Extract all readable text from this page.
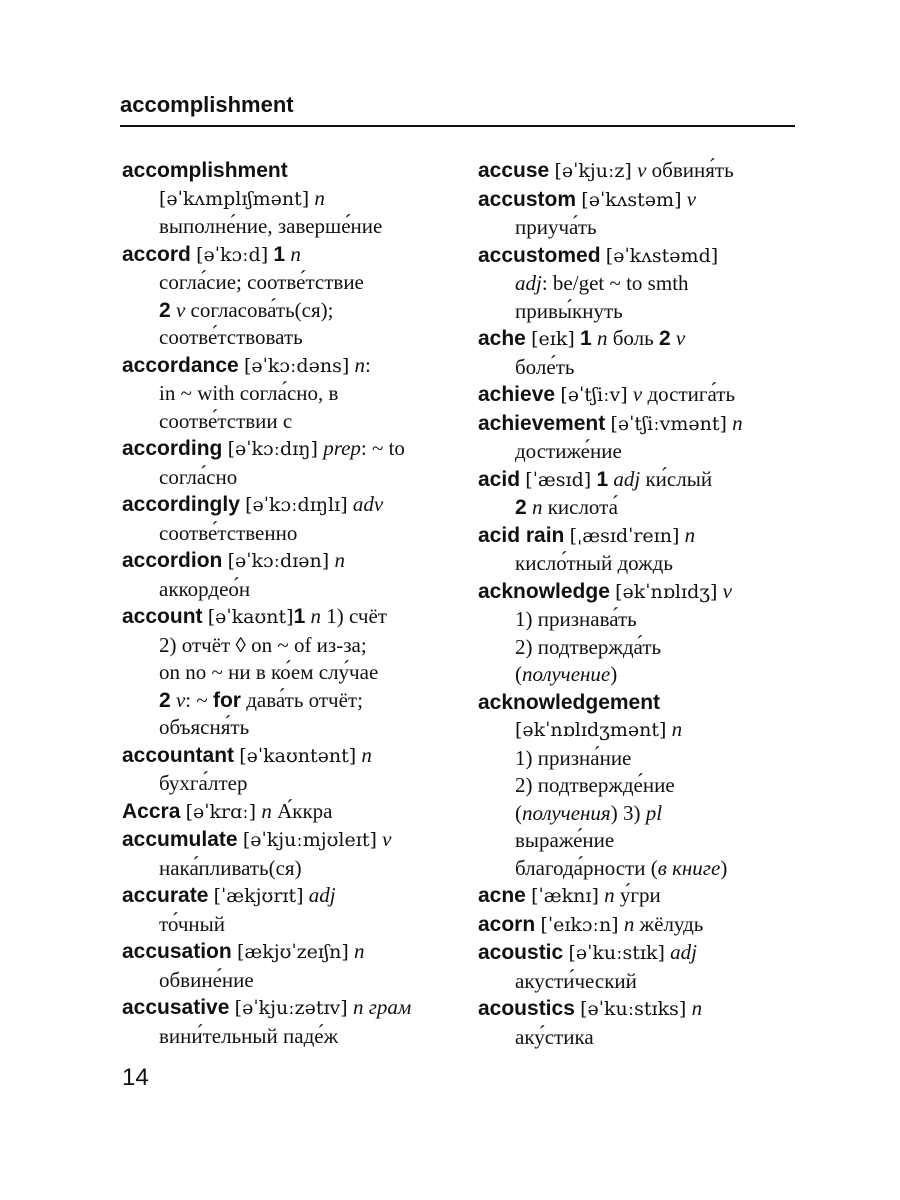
accomplishment
accomplishment
[əˈkʌmplɪʃmənt] n
выполне́ние, заверше́ние
accord [əˈkɔːd] 1 n
согла́сие; соотве́тствие
2 v согласова́ть(ся);
соотве́тствовать
accordance [əˈkɔːdəns] n:
in ~ with согла́сно, в
соотве́тствии с
according [əˈkɔːdɪŋ] prep: ~ to
согла́сно
accordingly [əˈkɔːdɪŋlɪ] adv
соотве́тственно
accordion [əˈkɔːdɪən] n
аккордео́н
account [əˈkaʊnt]1 n 1) счёт
2) отчёт ◊ on ~ of из-за;
on no ~ ни в ко́ем слу́чае
2 v: ~ for дава́ть отчёт;
объясня́ть
accountant [əˈkaʊntənt] n
бухга́лтер
Accra [əˈkrɑː] n А́ккра
accumulate [əˈkjuːmjʊleɪt] v
нака́пливать(ся)
accurate [ˈækjʊrɪt] adj
то́чный
accusation [ækjʊˈzeɪʃn] n
обвине́ние
accusative [əˈkjuːzətɪv] n грам
вини́тельный паде́ж
accuse [əˈkjuːz] v обвиня́ть
accustom [əˈkʌstəm] v
приуча́ть
accustomed [əˈkʌstəmd]
adj: be/get ~ to smth
привы́кнуть
ache [eɪk] 1 n боль 2 v
боле́ть
achieve [əˈtʃiːv] v достига́ть
achievement [əˈtʃiːvmənt] n
достиже́ние
acid [ˈæsɪd] 1 adj ки́слый
2 n кислота́
acid rain [ˌæsɪdˈreɪn] n
кисло́тный дождь
acknowledge [əkˈnɒlɪdʒ] v
1) признава́ть
2) подтвержда́ть
(получение)
acknowledgement
[əkˈnɒlɪdʒmənt] n
1) призна́ние
2) подтвержде́ние
(получения) 3) pl
выраже́ние
благода́рности (в книге)
acne [ˈæknɪ] n у́гри
acorn [ˈeɪkɔːn] n жёлудь
acoustic [əˈkuːstɪk] adj
акусти́ческий
acoustics [əˈkuːstɪks] n
аку́стика
14
